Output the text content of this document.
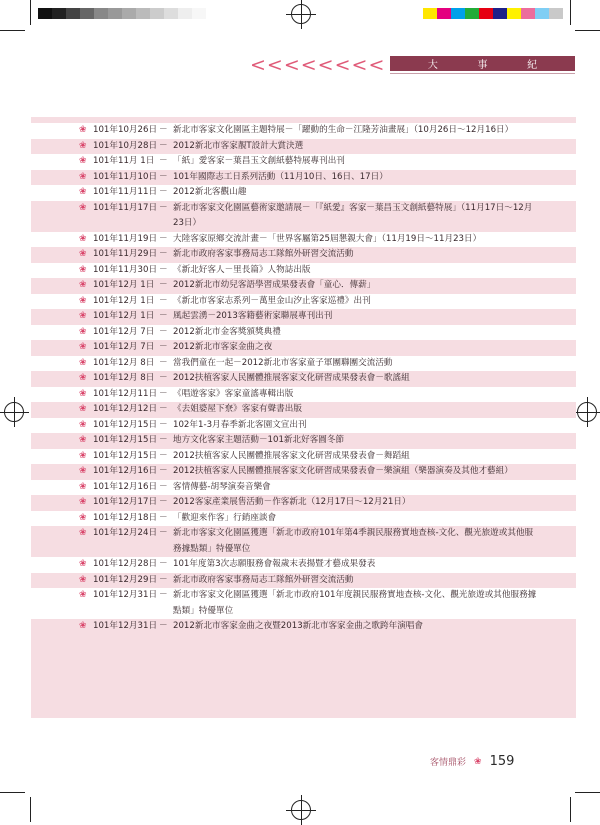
<<<<<<<<	大	事	紀
❀ 101年10月26日 － 新北市客家文化園區主題特展－「躍動的生命－江隆芳油畫展」（10月26日～12月16日）
❀ 101年10月28日 － 2012新北市客家靚T設計大賞決選
❀ 101年11月 1日 － 「紙」愛客家－葉昌玉文創紙藝特展專刊出刊
❀ 101年11月10日 － 101年國際志工日系列活動（11月10日、16日、17日）
❀ 101年11月11日 － 2012新北客觀山趣
❀ 101年11月17日 － 新北市客家文化園區藝術家邀請展－「『紙愛』客家－葉昌玉文創紙藝特展」（11月17日～12月23日）
❀ 101年11月19日 － 大陸客家原鄉交流計畫－「世界客屬第25屆懇親大會」（11月19日～11月23日）
❀ 101年11月29日 － 新北市政府客家事務局志工隊館外研習交流活動
❀ 101年11月30日 － 《新北好客人－里長篇》人物誌出版
❀ 101年12月 1日 － 2012新北市幼兒客語學習成果發表會「童心．傳薪」
❀ 101年12月 1日 － 《新北市客家志系列－萬里金山汐止客家巡禮》出刊
❀ 101年12月 1日 － 風起雲湧－2013客籍藝術家聯展專刊出刊
❀ 101年12月 7日 － 2012新北市金客獎頒獎典禮
❀ 101年12月 7日 － 2012新北市客家金曲之夜
❀ 101年12月 8日 － 當我們童在一起－2012新北市客家童子軍團聯團交流活動
❀ 101年12月 8日 － 2012扶植客家人民團體推展客家文化研習成果發表會－歌謠組
❀ 101年12月11日 － 《唱遊客家》客家童謠專輯出版
❀ 101年12月12日 － 《去姐婆屋下尞》客家有聲書出版
❀ 101年12月15日 － 102年1-3月春季新北客園文宣出刊
❀ 101年12月15日 － 地方文化客家主題活動－101新北好客圓冬節
❀ 101年12月15日 － 2012扶植客家人民團體推展客家文化研習成果發表會－舞蹈組
❀ 101年12月16日 － 2012扶植客家人民團體推展客家文化研習成果發表會－樂演組（樂器演奏及其他才藝組）
❀ 101年12月16日 － 客情傳藝-胡琴演奏音樂會
❀ 101年12月17日 － 2012客家產業展售活動－作客新北（12月17日～12月21日）
❀ 101年12月18日 － 「歡迎來作客」行銷座談會
❀ 101年12月24日 － 新北市客家文化園區獲選「新北市政府101年第4季親民服務實地查核-文化、觀光旅遊或其他服務據點類」特優單位
❀ 101年12月28日 － 101年度第3次志願服務會報歲末表揚暨才藝成果發表
❀ 101年12月29日 － 新北市政府客家事務局志工隊館外研習交流活動
❀ 101年12月31日 － 新北市客家文化園區獲選「新北市政府101年度親民服務實地查核-文化、觀光旅遊或其他服務據點類」特優單位
❀ 101年12月31日 － 2012新北市客家金曲之夜暨2013新北市客家金曲之歌跨年演唱會
客情鼎彩 ❀ 159
